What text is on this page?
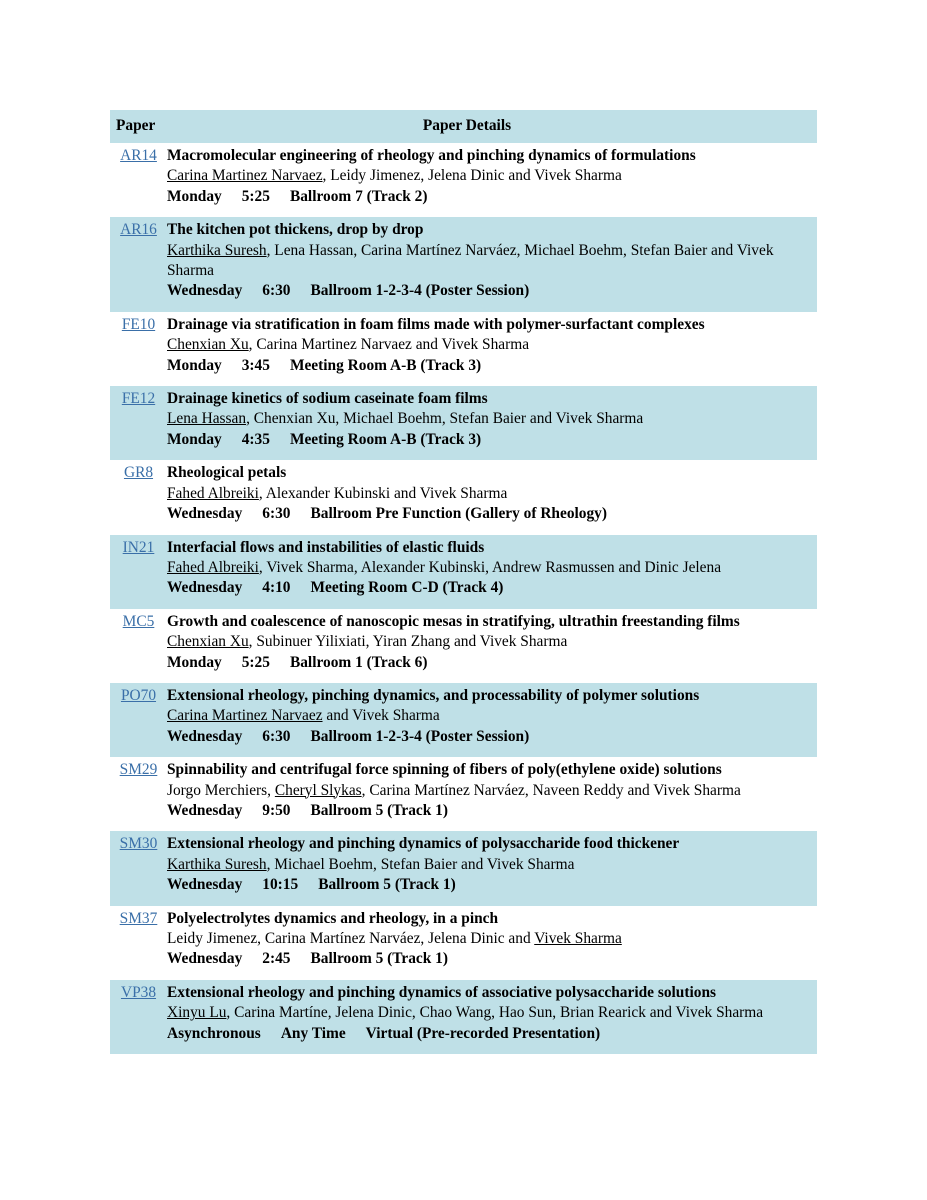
Paper	Paper Details
AR14 Macromolecular engineering of rheology and pinching dynamics of formulations
Carina Martinez Narvaez, Leidy Jimenez, Jelena Dinic and Vivek Sharma
Monday 5:25 Ballroom 7 (Track 2)
AR16 The kitchen pot thickens, drop by drop
Karthika Suresh, Lena Hassan, Carina Martínez Narváez, Michael Boehm, Stefan Baier and Vivek Sharma
Wednesday 6:30 Ballroom 1-2-3-4 (Poster Session)
FE10 Drainage via stratification in foam films made with polymer-surfactant complexes
Chenxian Xu, Carina Martinez Narvaez and Vivek Sharma
Monday 3:45 Meeting Room A-B (Track 3)
FE12 Drainage kinetics of sodium caseinate foam films
Lena Hassan, Chenxian Xu, Michael Boehm, Stefan Baier and Vivek Sharma
Monday 4:35 Meeting Room A-B (Track 3)
GR8 Rheological petals
Fahed Albreiki, Alexander Kubinski and Vivek Sharma
Wednesday 6:30 Ballroom Pre Function (Gallery of Rheology)
IN21 Interfacial flows and instabilities of elastic fluids
Fahed Albreiki, Vivek Sharma, Alexander Kubinski, Andrew Rasmussen and Dinic Jelena
Wednesday 4:10 Meeting Room C-D (Track 4)
MC5 Growth and coalescence of nanoscopic mesas in stratifying, ultrathin freestanding films
Chenxian Xu, Subinuer Yilixiati, Yiran Zhang and Vivek Sharma
Monday 5:25 Ballroom 1 (Track 6)
PO70 Extensional rheology, pinching dynamics, and processability of polymer solutions
Carina Martinez Narvaez and Vivek Sharma
Wednesday 6:30 Ballroom 1-2-3-4 (Poster Session)
SM29 Spinnability and centrifugal force spinning of fibers of poly(ethylene oxide) solutions
Jorgo Merchiers, Cheryl Slykas, Carina Martínez Narváez, Naveen Reddy and Vivek Sharma
Wednesday 9:50 Ballroom 5 (Track 1)
SM30 Extensional rheology and pinching dynamics of polysaccharide food thickener
Karthika Suresh, Michael Boehm, Stefan Baier and Vivek Sharma
Wednesday 10:15 Ballroom 5 (Track 1)
SM37 Polyelectrolytes dynamics and rheology, in a pinch
Leidy Jimenez, Carina Martínez Narváez, Jelena Dinic and Vivek Sharma
Wednesday 2:45 Ballroom 5 (Track 1)
VP38 Extensional rheology and pinching dynamics of associative polysaccharide solutions
Xinyu Lu, Carina Martíne, Jelena Dinic, Chao Wang, Hao Sun, Brian Rearick and Vivek Sharma
Asynchronous Any Time Virtual (Pre-recorded Presentation)
